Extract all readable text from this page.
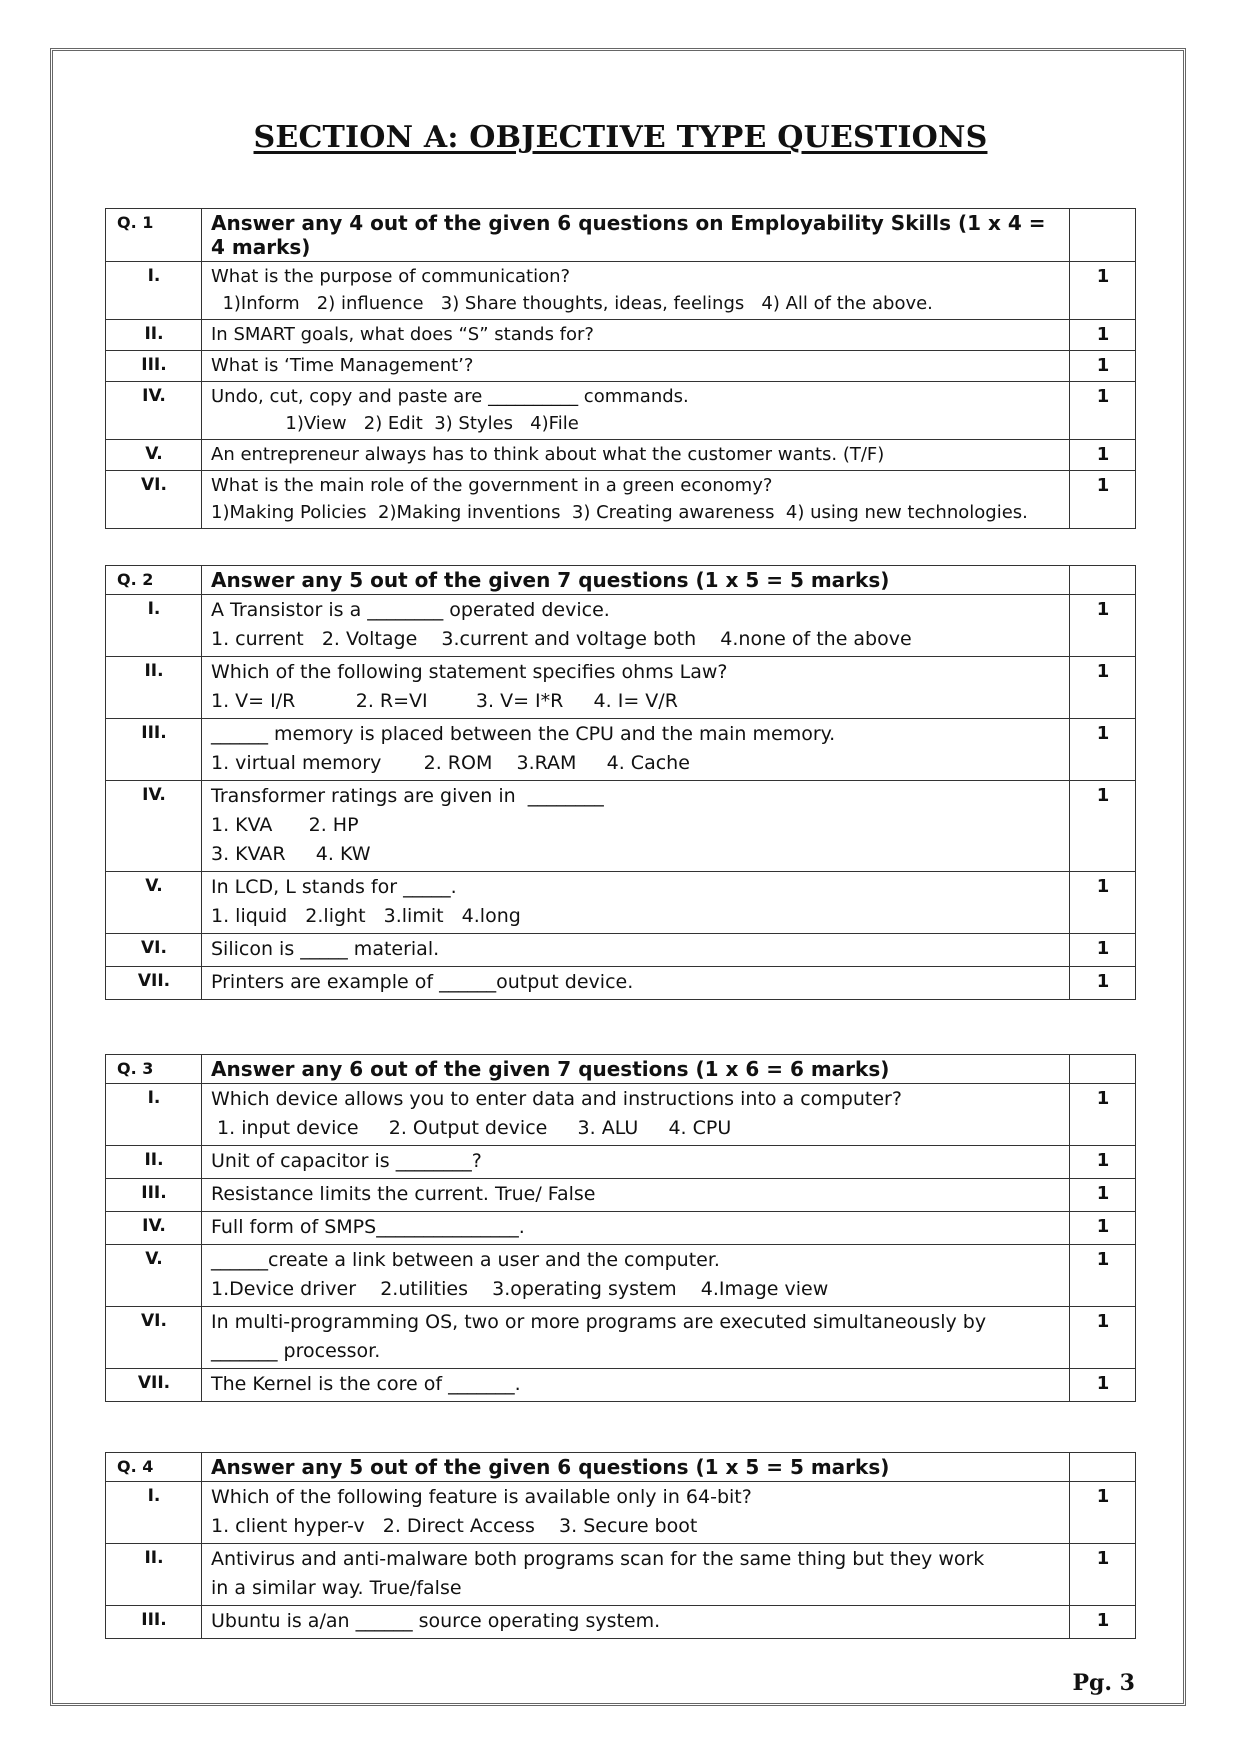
SECTION A: OBJECTIVE TYPE QUESTIONS
Q. 1	Answer any 4 out of the given 6 questions on Employability Skills (1 x 4 = 4 marks)	
I.	What is the purpose of communication?
1)Inform   2) influence   3) Share thoughts, ideas, feelings   4) All of the above.	1
II.	In SMART goals, what does “S” stands for?	1
III.	What is ‘Time Management’?	1
IV.	Undo, cut, copy and paste are __________ commands.
1)View   2) Edit  3) Styles   4)File	1
V.	An entrepreneur always has to think about what the customer wants. (T/F)	1
VI.	What is the main role of the government in a green economy?
1)Making Policies  2)Making inventions  3) Creating awareness  4) using new technologies.	1
Q. 2	Answer any 5 out of the given 7 questions (1 x 5 = 5 marks)	
I.	A Transistor is a ________ operated device.
1. current   2. Voltage    3.current and voltage both    4.none of the above	1
II.	Which of the following statement specifies ohms Law?
1. V= I/R          2. R=VI        3. V= I*R     4. I= V/R	1
III.	______ memory is placed between the CPU and the main memory.
1. virtual memory       2. ROM    3.RAM     4. Cache	1
IV.	Transformer ratings are given in  ________
1. KVA      2. HP
3. KVAR     4. KW	1
V.	In LCD, L stands for _____.
1. liquid   2.light   3.limit   4.long	1
VI.	Silicon is _____ material.	1
VII.	Printers are example of ______output device.	1
Q. 3	Answer any 6 out of the given 7 questions (1 x 6 = 6 marks)	
I.	Which device allows you to enter data and instructions into a computer?
1. input device     2. Output device     3. ALU     4. CPU	1
II.	Unit of capacitor is ________?	1
III.	Resistance limits the current. True/ False	1
IV.	Full form of SMPS_______________.	1
V.	______create a link between a user and the computer.
1.Device driver    2.utilities    3.operating system    4.Image view	1
VI.	In multi-programming OS, two or more programs are executed simultaneously by
_______ processor.	1
VII.	The Kernel is the core of _______.	1
Q. 4	Answer any 5 out of the given 6 questions (1 x 5 = 5 marks)	
I.	Which of the following feature is available only in 64-bit?
1. client hyper-v   2. Direct Access    3. Secure boot	1
II.	Antivirus and anti-malware both programs scan for the same thing but they work
in a similar way. True/false	1
III.	Ubuntu is a/an ______ source operating system.	1
Pg. 3
